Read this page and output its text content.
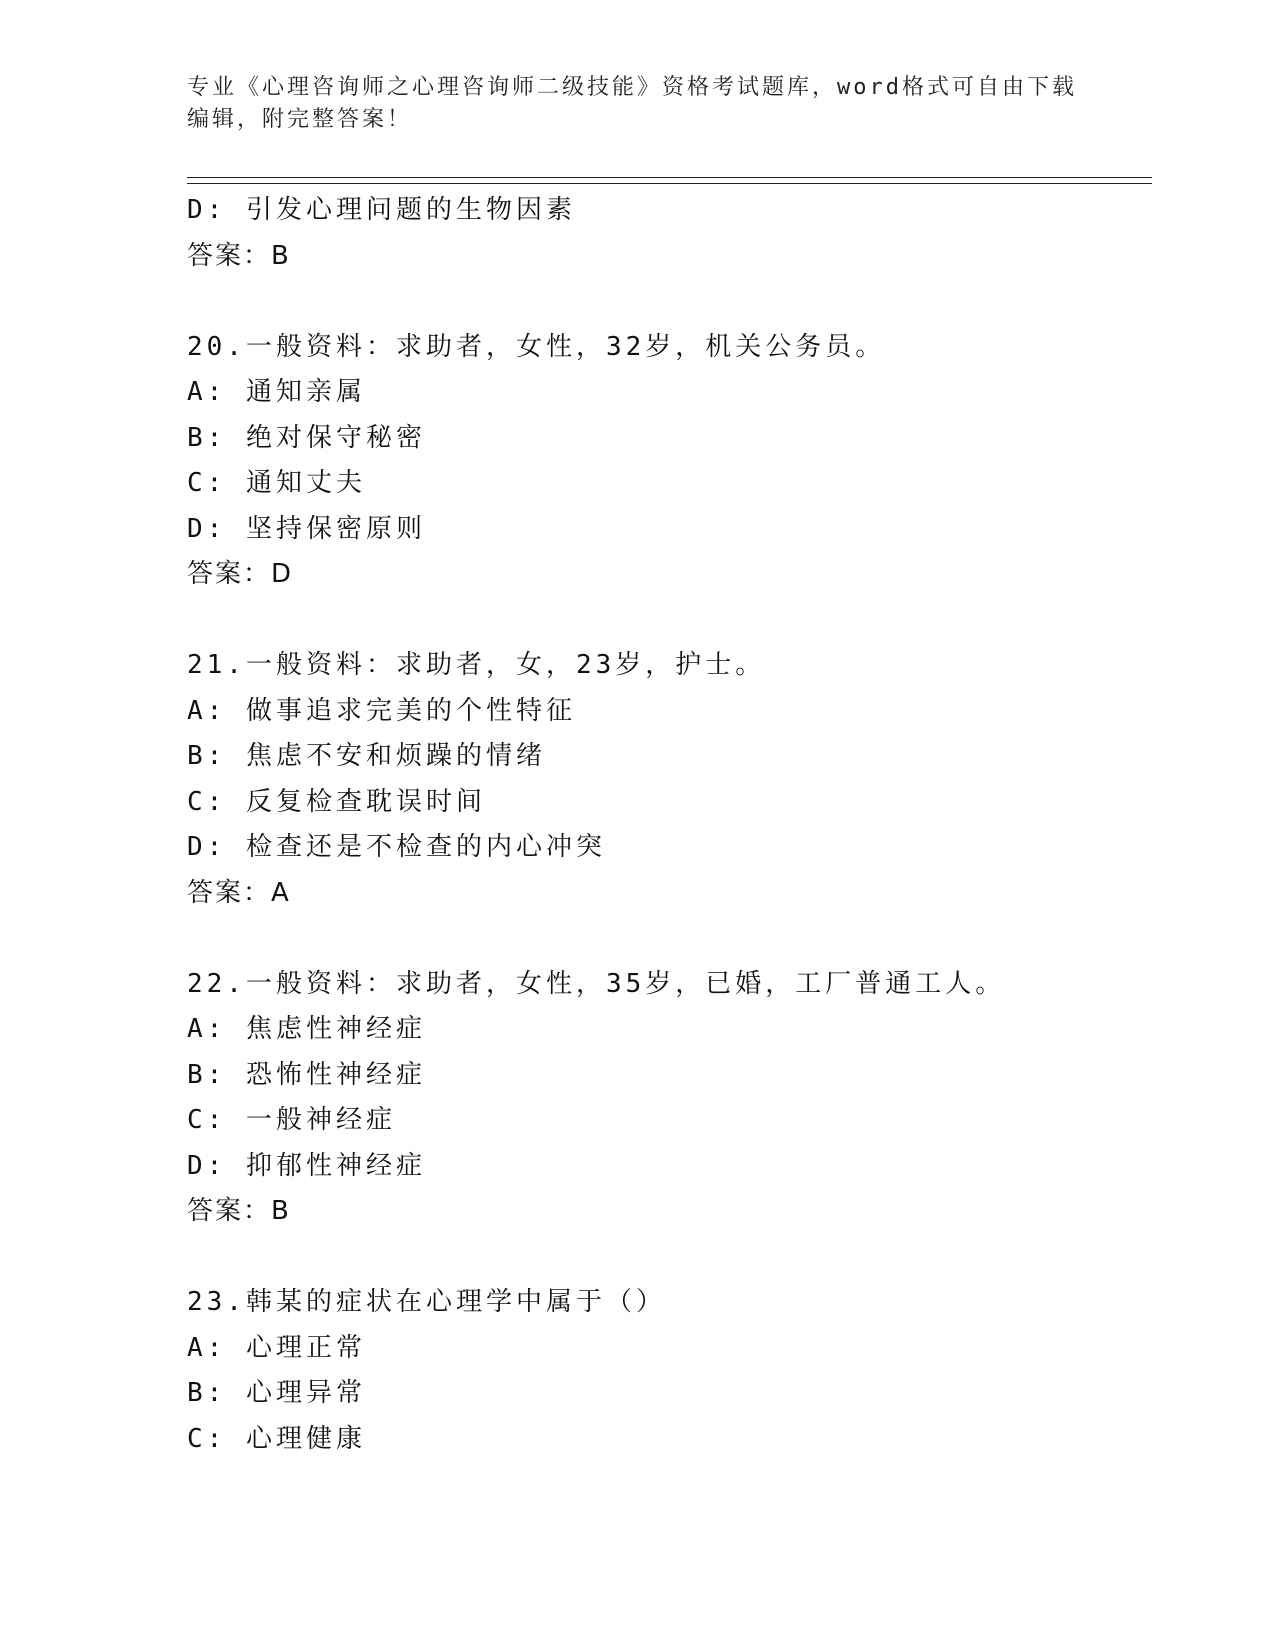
专业《心理咨询师之心理咨询师二级技能》资格考试题库，word格式可自由下载
编辑，附完整答案！
D: 引发心理问题的生物因素
答案：B
20.一般资料：求助者，女性，32岁，机关公务员。
A: 通知亲属
B: 绝对保守秘密
C: 通知丈夫
D: 坚持保密原则
答案：D
21.一般资料：求助者，女，23岁，护士。
A: 做事追求完美的个性特征
B: 焦虑不安和烦躁的情绪
C: 反复检查耽误时间
D: 检查还是不检查的内心冲突
答案：A
22.一般资料：求助者，女性，35岁，已婚，工厂普通工人。
A: 焦虑性神经症
B: 恐怖性神经症
C: 一般神经症
D: 抑郁性神经症
答案：B
23.韩某的症状在心理学中属于（）
A: 心理正常
B: 心理异常
C: 心理健康
